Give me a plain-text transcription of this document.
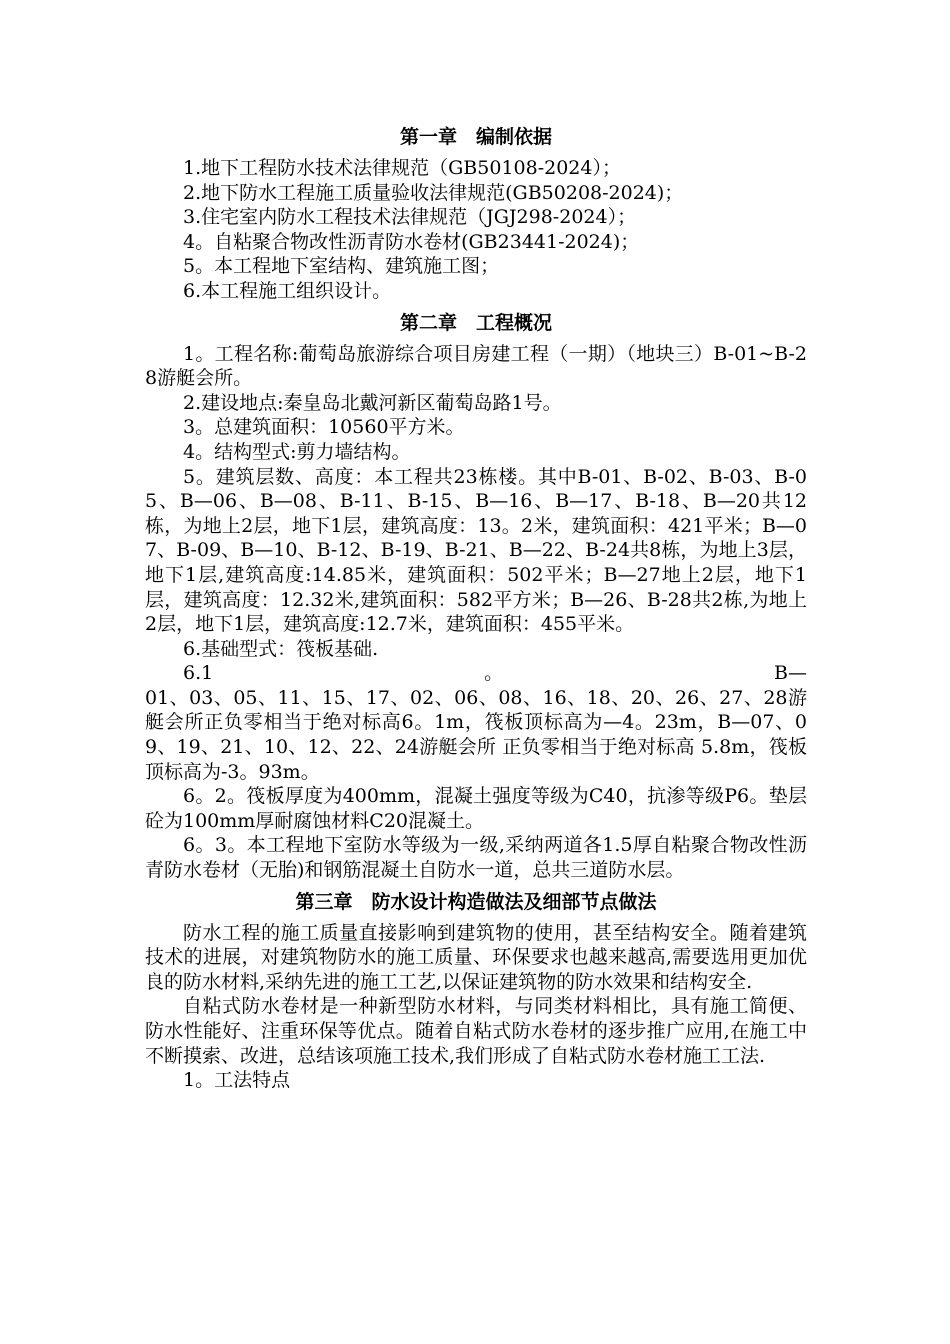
第一章　编制依据
1.地下工程防水技术法律规范（GB50108-2024）；
2.地下防水工程施工质量验收法律规范(GB50208-2024)；
3.住宅室内防水工程技术法律规范（JGJ298-2024）；
4。自粘聚合物改性沥青防水卷材(GB23441-2024)；
5。本工程地下室结构、建筑施工图；
6.本工程施工组织设计。
第二章　工程概况

1。工程名称:葡萄岛旅游综合项目房建工程（一期）（地块三）B-01~B-28游艇会所。

2.建设地点:秦皇岛北戴河新区葡萄岛路1号。

3。总建筑面积：10560平方米。

4。结构型式:剪力墙结构。

5。建筑层数、高度：本工程共23栋楼。其中B-01、B-02、B-03、B-05、B—06、B—08、B-11、B-15、B—16、B—17、B-18、B—20共12栋，为地上2层，地下1层，建筑高度：13。2米，建筑面积：421平米；B—07、B-09、B—10、B-12、B-19、B-21、B—22、B-24共8栋，为地上3层，地下1层,建筑高度:14.85米，建筑面积：502平米；B—27地上2层，地下1层，建筑高度：12.32米,建筑面积：582平方米；B—26、B-28共2栋,为地上2层，地下1层，建筑高度:12.7米，建筑面积：455平米。

6.基础型式：筏板基础.

6.1	。	B—

01、03、05、11、15、17、02、06、08、16、18、20、26、27、28游艇会所正负零相当于绝对标高6。1m，筏板顶标高为—4。23m，B—07、09、19、21、10、12、22、24游艇会所 正负零相当于绝对标高 5.8m，筏板顶标高为-3。93m。

6。2。筏板厚度为400mm，混凝土强度等级为C40，抗渗等级P6。垫层砼为100mm厚耐腐蚀材料C20混凝土。

6。3。本工程地下室防水等级为一级,采纳两道各1.5厚自粘聚合物改性沥青防水卷材（无胎)和钢筋混凝土自防水一道，总共三道防水层。

第三章　防水设计构造做法及细部节点做法

防水工程的施工质量直接影响到建筑物的使用，甚至结构安全。随着建筑技术的进展，对建筑物防水的施工质量、环保要求也越来越高,需要选用更加优良的防水材料,采纳先进的施工工艺,以保证建筑物的防水效果和结构安全.

自粘式防水卷材是一种新型防水材料，与同类材料相比，具有施工简便、防水性能好、注重环保等优点。随着自粘式防水卷材的逐步推广应用,在施工中不断摸索、改进，总结该项施工技术,我们形成了自粘式防水卷材施工工法.

1。工法特点
